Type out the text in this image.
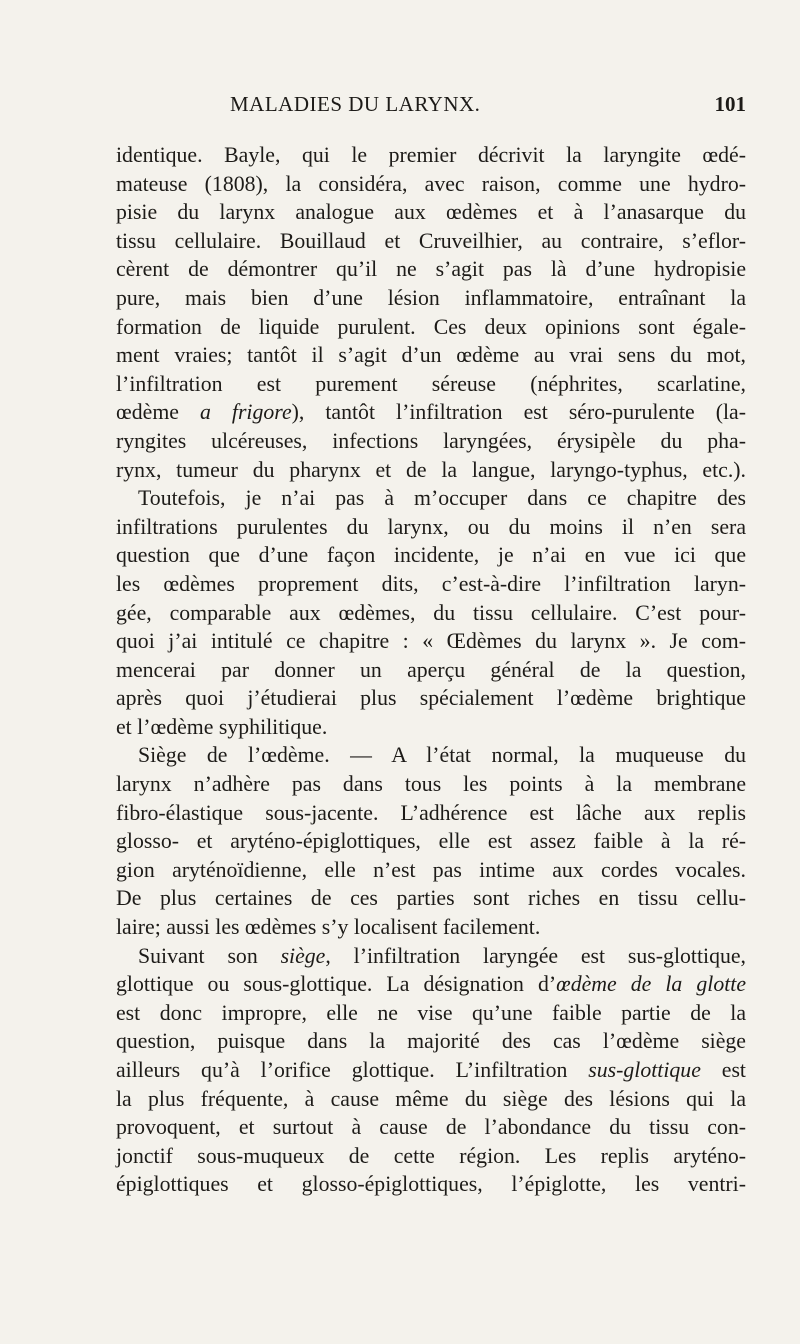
MALADIES DU LARYNX.	101
identique. Bayle, qui le premier décrivit la laryngite œdé-
mateuse (1808), la considéra, avec raison, comme une hydro-
pisie du larynx analogue aux œdèmes et à l’anasarque du
tissu cellulaire. Bouillaud et Cruveilhier, au contraire, s’eflor-
cèrent de démontrer qu’il ne s’agit pas là d’une hydropisie
pure, mais bien d’une lésion inflammatoire, entraînant la
formation de liquide purulent. Ces deux opinions sont égale-
ment vraies; tantôt il s’agit d’un œdème au vrai sens du mot,
l’infiltration est purement séreuse (néphrites, scarlatine,
œdème a frigore), tantôt l’infiltration est séro-purulente (la-
ryngites ulcéreuses, infections laryngées, érysipèle du pha-
rynx, tumeur du pharynx et de la langue, laryngo-typhus, etc.).
Toutefois, je n’ai pas à m’occuper dans ce chapitre des
infiltrations purulentes du larynx, ou du moins il n’en sera
question que d’une façon incidente, je n’ai en vue ici que
les œdèmes proprement dits, c’est-à-dire l’infiltration laryn-
gée, comparable aux œdèmes, du tissu cellulaire. C’est pour-
quoi j’ai intitulé ce chapitre : « Œdèmes du larynx ». Je com-
mencerai par donner un aperçu général de la question,
après quoi j’étudierai plus spécialement l’œdème brightique
et l’œdème syphilitique.
Siège de l’œdème. — A l’état normal, la muqueuse du
larynx n’adhère pas dans tous les points à la membrane
fibro-élastique sous-jacente. L’adhérence est lâche aux replis
glosso- et aryténo-épiglottiques, elle est assez faible à la ré-
gion aryténoïdienne, elle n’est pas intime aux cordes vocales.
De plus certaines de ces parties sont riches en tissu cellu-
laire; aussi les œdèmes s’y localisent facilement.
Suivant son siège, l’infiltration laryngée est sus-glottique,
glottique ou sous-glottique. La désignation d’œdème de la glotte
est donc impropre, elle ne vise qu’une faible partie de la
question, puisque dans la majorité des cas l’œdème siège
ailleurs qu’à l’orifice glottique. L’infiltration sus-glottique est
la plus fréquente, à cause même du siège des lésions qui la
provoquent, et surtout à cause de l’abondance du tissu con-
jonctif sous-muqueux de cette région. Les replis aryténo-
épiglottiques et glosso-épiglottiques, l’épiglotte, les ventri-
